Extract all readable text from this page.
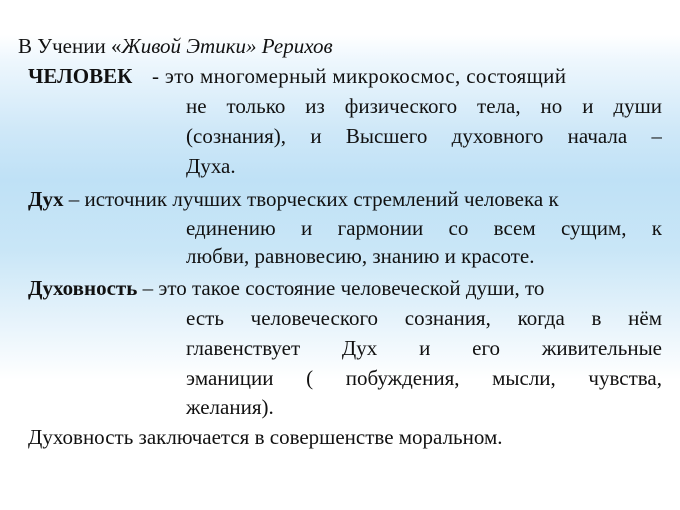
В Учении «Живой Этики» Рерихов
ЧЕЛОВЕК - это многомерный микрокосмос, состоящий
не только из физического тела, но и души
(сознания), и Высшего духовного начала –
Духа.
Дух – источник лучших творческих стремлений человека к
единению и гармонии со всем сущим, к
любви, равновесию, знанию и красоте.
Духовность – это такое состояние человеческой души, то
есть человеческого сознания, когда в нём
главенствует Дух и его живительные
эманиции ( побуждения, мысли, чувства,
желания).
Духовность заключается в совершенстве моральном.
